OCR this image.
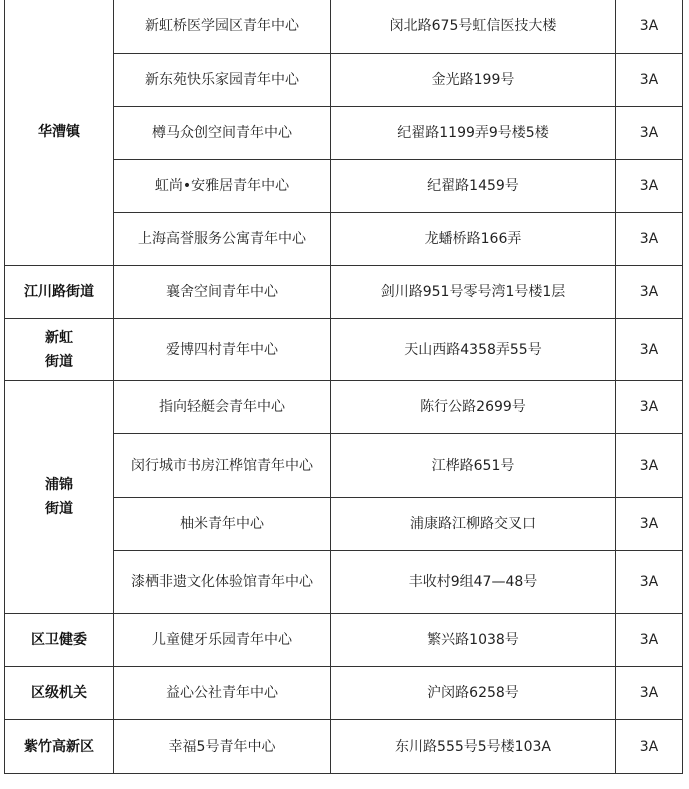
华漕镇	新虹桥医学园区青年中心	闵北路675号虹信医技大楼	3A
	新东苑快乐家园青年中心	金光路199号	3A
	樽马众创空间青年中心	纪翟路1199弄9号楼5楼	3A
	虹尚•安雅居青年中心	纪翟路1459号	3A
	上海高誉服务公寓青年中心	龙蟠桥路166弄	3A
江川路街道	襄舍空间青年中心	剑川路951号零号湾1号楼1层	3A
新虹街道	爱博四村青年中心	天山西路4358弄55号	3A
浦锦街道	指向轻艇会青年中心	陈行公路2699号	3A
	闵行城市书房江桦馆青年中心	江桦路651号	3A
	柚米青年中心	浦康路江柳路交叉口	3A
	漆栖非遗文化体验馆青年中心	丰收村9组47—48号	3A
区卫健委	儿童健牙乐园青年中心	繁兴路1038号	3A
区级机关	益心公社青年中心	沪闵路6258号	3A
紫竹高新区	幸福5号青年中心	东川路555号5号楼103A	3A
